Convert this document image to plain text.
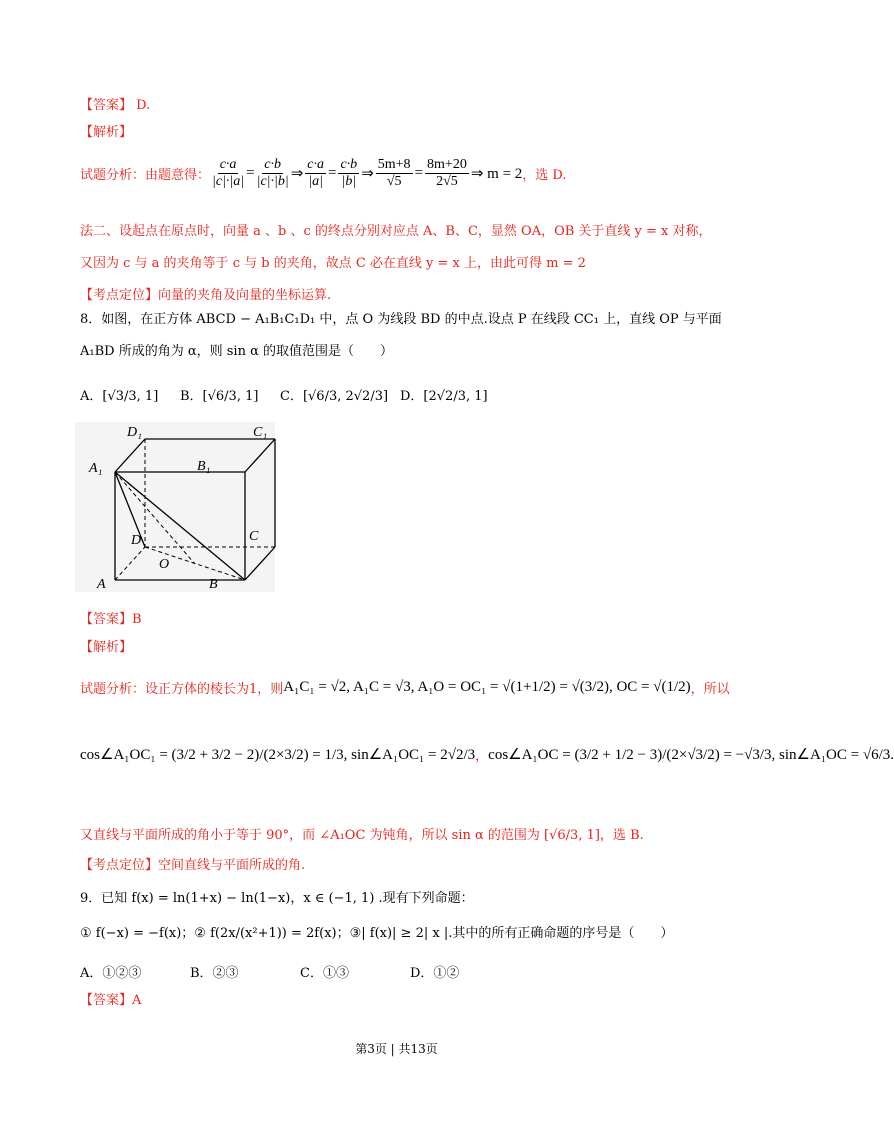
【答案】 D.
【解析】
试题分析：由题意得： $\frac{c\cdot a}{|c|\cdot|a|} = \frac{c\cdot b}{|c|\cdot|b|}$ ⇒ $\frac{c\cdot a}{|a|} = \frac{c\cdot b}{|b|}$ ⇒ $\frac{5m+8}{√5} = \frac{8m+20}{2√5}$ ⇒ m = 2 ，选 D.
法二、设起点在原点时，向量 a 、b 、c 的终点分别对应点 A、B、C，显然 OA，OB 关于直线 y = x 对称，
又因为 c 与 a 的夹角等于 c 与 b 的夹角，故点 C 必在直线 y = x 上，由此可得 m = 2
【考点定位】向量的夹角及向量的坐标运算.
8．如图，在正方体 ABCD − A₁B₁C₁D₁ 中，点 O 为线段 BD 的中点.设点 P 在线段 CC₁ 上，直线 OP 与平面
A₁BD 所成的角为 α，则 sin α 的取值范围是（　　）
A．[√3/3, 1]	B．[√6/3, 1]	C．[√6/3, 2√2/3] D．[2√2/3, 1]
D₁	C₁
A₁	B₁
D	C
O
A	B
【答案】B
【解析】
试题分析：设正方体的棱长为1，则 A₁C₁ = √2, A₁C = √3, A₁O = OC₁ = √(1+1/2) = √(3/2), OC = √(1/2) ，所以
cos∠A₁OC₁ = (3/2 + 3/2 − 2)/(2×3/2) = 1/3, sin∠A₁OC₁ = 2√2/3 ， cos∠A₁OC = (3/2 + 1/2 − 3)/(2×√3/2) = −√3/3, sin∠A₁OC = √6/3.
又直线与平面所成的角小于等于 90°，而 ∠A₁OC 为钝角，所以 sin α 的范围为 [√6/3, 1]，选 B.
【考点定位】空间直线与平面所成的角.
9．已知 f(x) = ln(1+x) − ln(1−x)，x ∈ (−1, 1) .现有下列命题：
① f(−x) = −f(x)；② f(2x/(x²+1)) = 2f(x)；③| f(x)| ≥ 2| x |.其中的所有正确命题的序号是（　　）
A．①②③	B．②③	C．①③	D．①②
【答案】A
第3页 | 共13页
